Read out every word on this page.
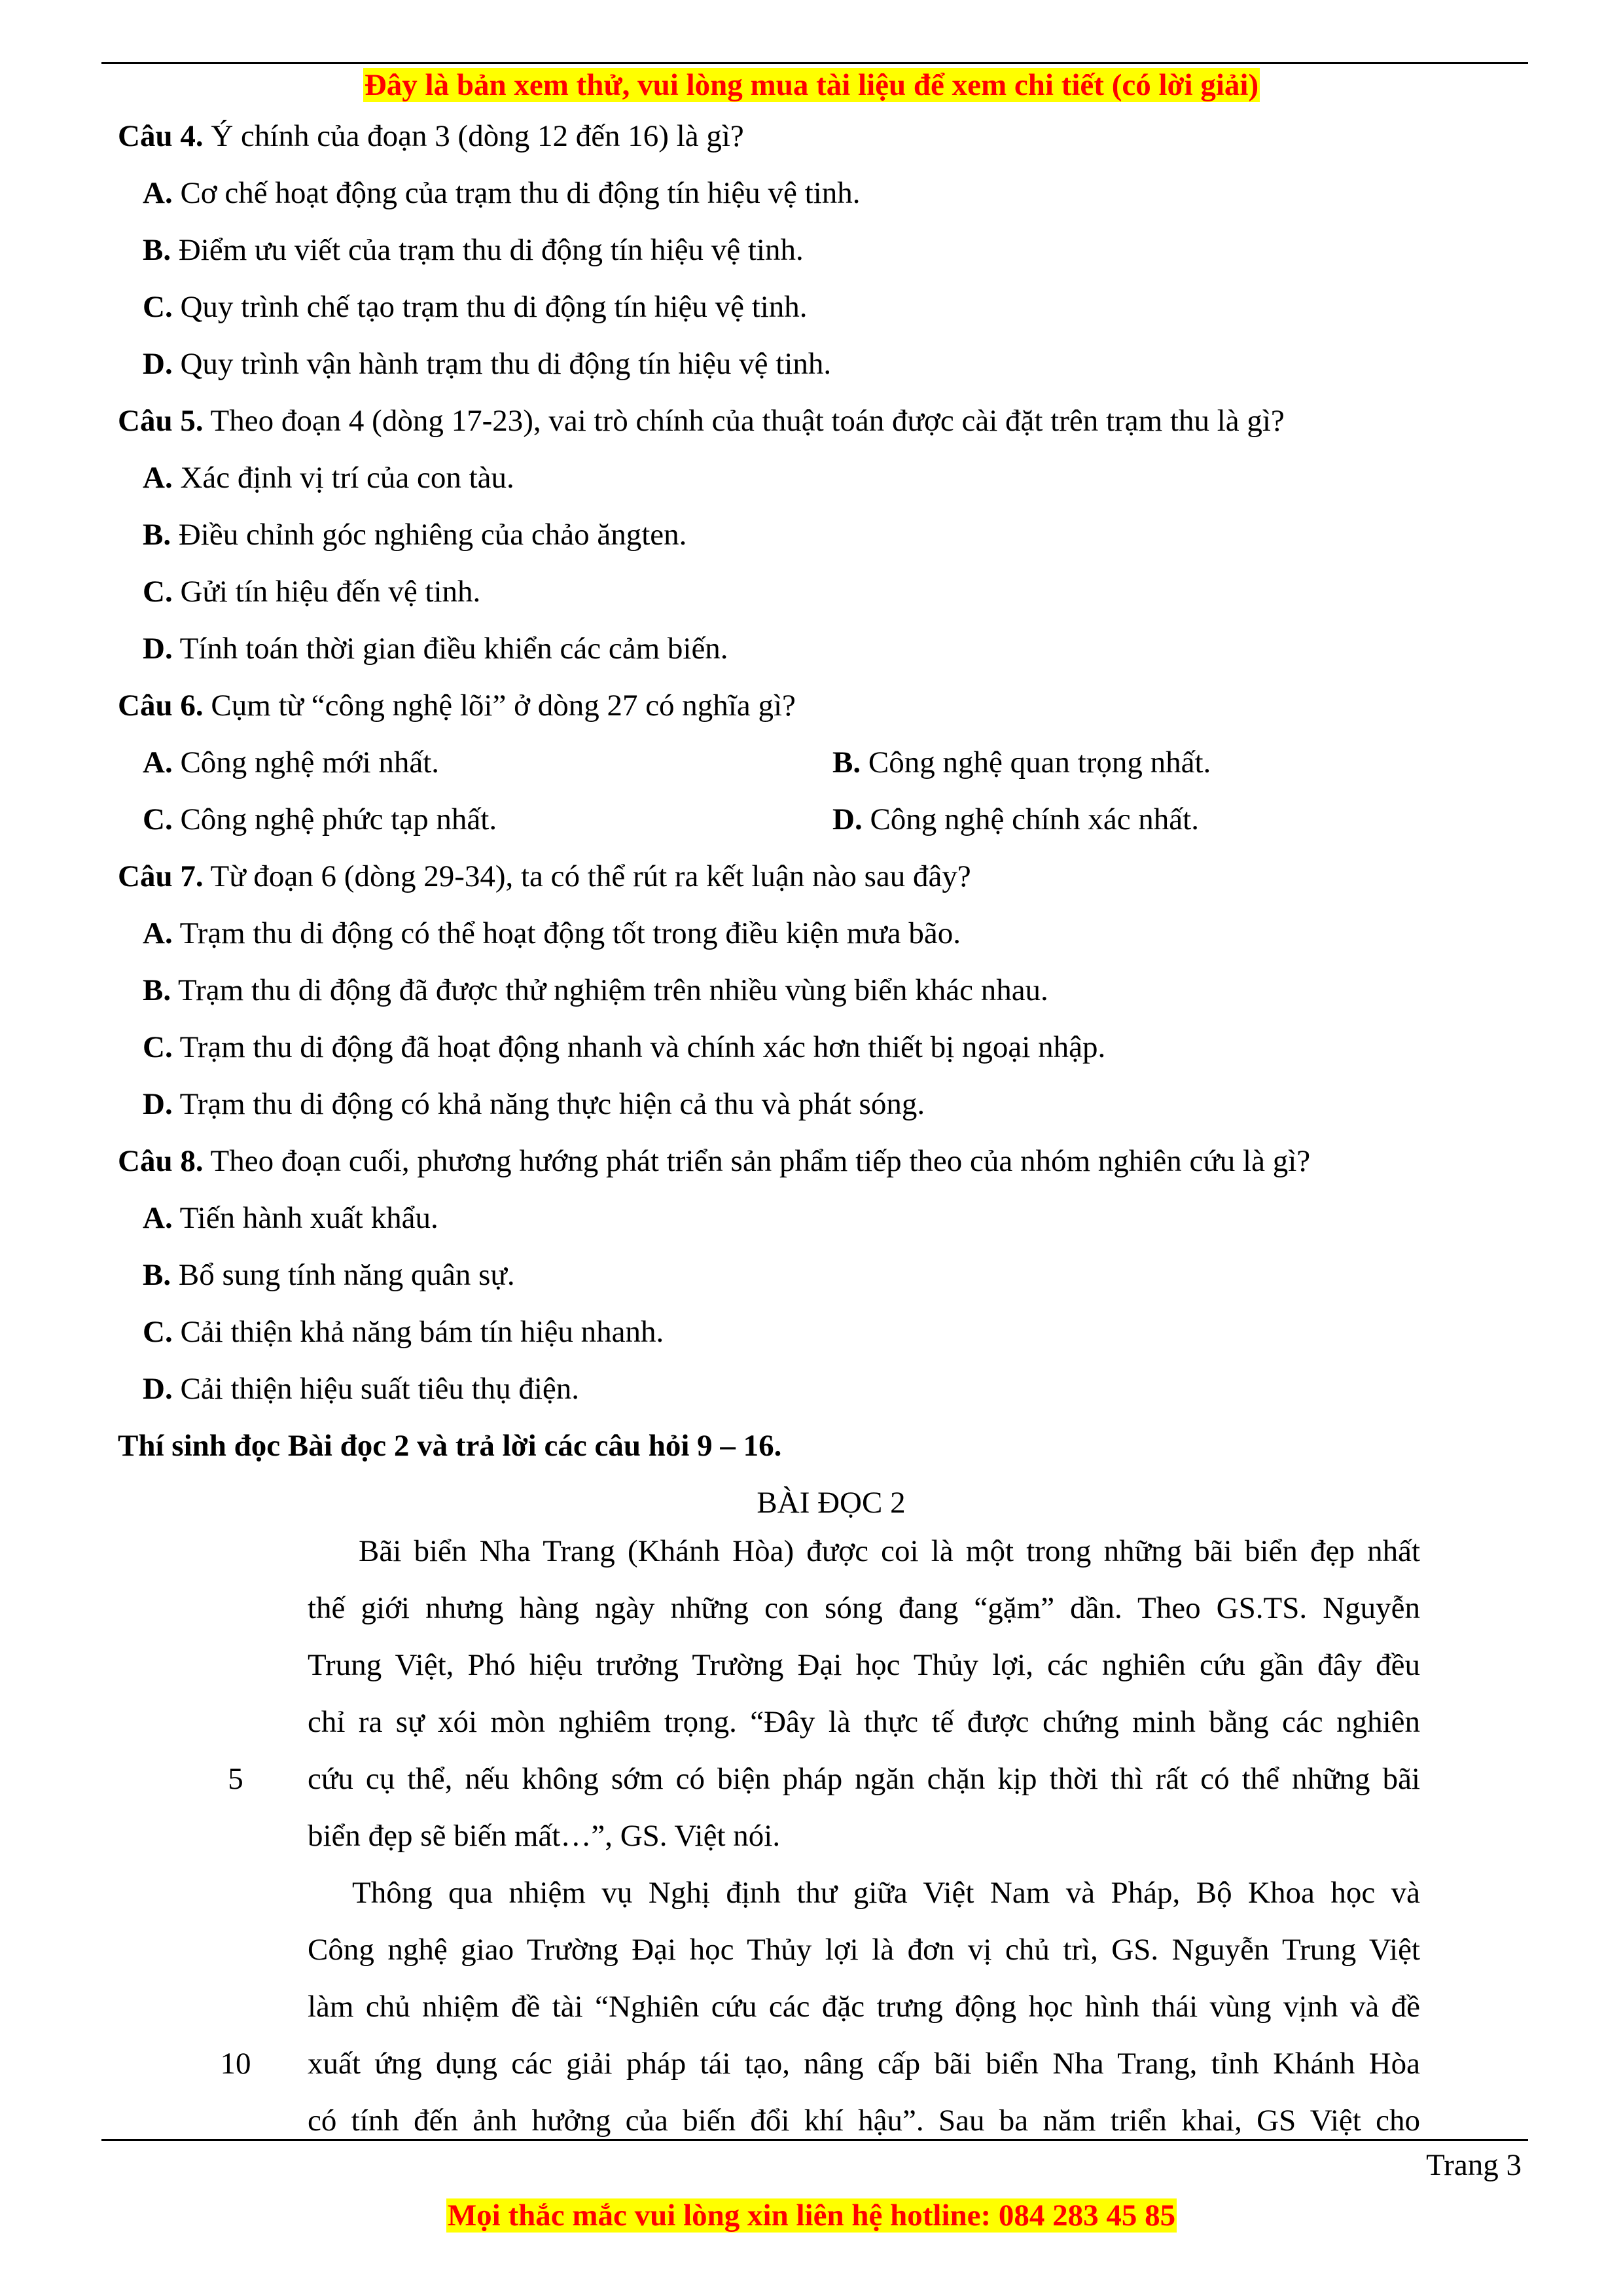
Đây là bản xem thử, vui lòng mua tài liệu để xem chi tiết (có lời giải)
Câu 4. Ý chính của đoạn 3 (dòng 12 đến 16) là gì?
A. Cơ chế hoạt động của trạm thu di động tín hiệu vệ tinh.
B. Điểm ưu viết của trạm thu di động tín hiệu vệ tinh.
C. Quy trình chế tạo trạm thu di động tín hiệu vệ tinh.
D. Quy trình vận hành trạm thu di động tín hiệu vệ tinh.
Câu 5. Theo đoạn 4 (dòng 17-23), vai trò chính của thuật toán được cài đặt trên trạm thu là gì?
A. Xác định vị trí của con tàu.
B. Điều chỉnh góc nghiêng của chảo ăngten.
C. Gửi tín hiệu đến vệ tinh.
D. Tính toán thời gian điều khiển các cảm biến.
Câu 6. Cụm từ “công nghệ lõi” ở dòng 27 có nghĩa gì?
A. Công nghệ mới nhất.	B. Công nghệ quan trọng nhất.
C. Công nghệ phức tạp nhất.	D. Công nghệ chính xác nhất.
Câu 7. Từ đoạn 6 (dòng 29-34), ta có thể rút ra kết luận nào sau đây?
A. Trạm thu di động có thể hoạt động tốt trong điều kiện mưa bão.
B. Trạm thu di động đã được thử nghiệm trên nhiều vùng biển khác nhau.
C. Trạm thu di động đã hoạt động nhanh và chính xác hơn thiết bị ngoại nhập.
D. Trạm thu di động có khả năng thực hiện cả thu và phát sóng.
Câu 8. Theo đoạn cuối, phương hướng phát triển sản phẩm tiếp theo của nhóm nghiên cứu là gì?
A. Tiến hành xuất khẩu.
B. Bổ sung tính năng quân sự.
C. Cải thiện khả năng bám tín hiệu nhanh.
D. Cải thiện hiệu suất tiêu thụ điện.
Thí sinh đọc Bài đọc 2 và trả lời các câu hỏi 9 – 16.
BÀI ĐỌC 2
Bãi biển Nha Trang (Khánh Hòa) được coi là một trong những bãi biển đẹp nhất
thế giới nhưng hàng ngày những con sóng đang “gặm” dần. Theo GS.TS. Nguyễn
Trung Việt, Phó hiệu trưởng Trường Đại học Thủy lợi, các nghiên cứu gần đây đều
chỉ ra sự xói mòn nghiêm trọng. “Đây là thực tế được chứng minh bằng các nghiên
cứu cụ thể, nếu không sớm có biện pháp ngăn chặn kịp thời thì rất có thể những bãi
biển đẹp sẽ biến mất…”, GS. Việt nói.
Thông qua nhiệm vụ Nghị định thư giữa Việt Nam và Pháp, Bộ Khoa học và
Công nghệ giao Trường Đại học Thủy lợi là đơn vị chủ trì, GS. Nguyễn Trung Việt
làm chủ nhiệm đề tài “Nghiên cứu các đặc trưng động học hình thái vùng vịnh và đề
xuất ứng dụng các giải pháp tái tạo, nâng cấp bãi biển Nha Trang, tỉnh Khánh Hòa
có tính đến ảnh hưởng của biến đổi khí hậu”. Sau ba năm triển khai, GS Việt cho
5
10
Trang 3
Mọi thắc mắc vui lòng xin liên hệ hotline: 084 283 45 85
